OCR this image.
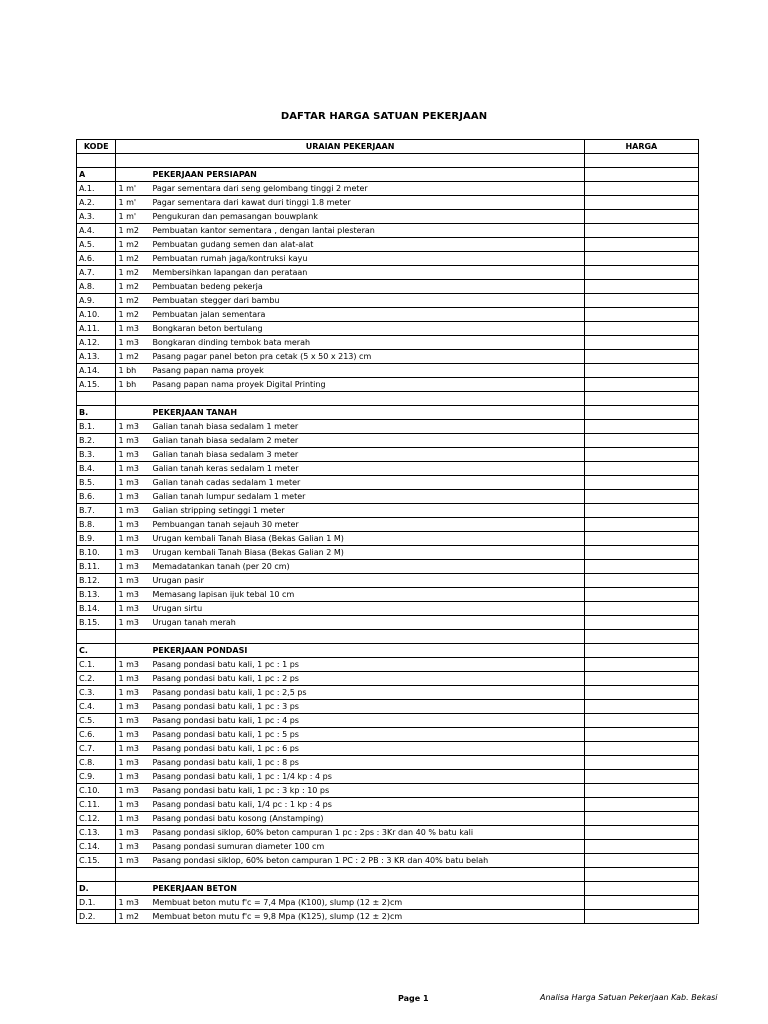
DAFTAR HARGA SATUAN PEKERJAAN
KODE	URAIAN PEKERJAAN	HARGA

A	PEKERJAAN PERSIAPAN	
A.1.	1 m' Pagar sementara dari seng gelombang tinggi 2 meter	
A.2.	1 m' Pagar sementara dari kawat duri tinggi 1.8 meter	
A.3.	1 m' Pengukuran dan pemasangan bouwplank	
A.4.	1 m2 Pembuatan kantor sementara , dengan lantai plesteran	
A.5.	1 m2 Pembuatan gudang semen dan alat-alat	
A.6.	1 m2 Pembuatan rumah jaga/kontruksi kayu	
A.7.	1 m2 Membersihkan lapangan dan perataan	
A.8.	1 m2 Pembuatan bedeng pekerja	
A.9.	1 m2 Pembuatan stegger dari bambu	
A.10.	1 m2 Pembuatan jalan sementara	
A.11.	1 m3 Bongkaran beton bertulang	
A.12.	1 m3 Bongkaran dinding tembok bata merah	
A.13.	1 m2 Pasang pagar panel beton pra cetak (5 x 50 x 213) cm	
A.14.	1 bh Pasang papan nama proyek	
A.15.	1 bh Pasang papan nama proyek Digital Printing	

B.	PEKERJAAN TANAH	
B.1.	1 m3 Galian tanah biasa sedalam 1 meter	
B.2.	1 m3 Galian tanah biasa sedalam 2 meter	
B.3.	1 m3 Galian tanah biasa sedalam 3 meter	
B.4.	1 m3 Galian tanah keras sedalam 1 meter	
B.5.	1 m3 Galian tanah cadas sedalam 1 meter	
B.6.	1 m3 Galian tanah lumpur sedalam 1 meter	
B.7.	1 m3 Galian stripping setinggi 1 meter	
B.8.	1 m3 Pembuangan tanah sejauh 30 meter	
B.9.	1 m3 Urugan kembali Tanah Biasa (Bekas Galian 1 M)	
B.10.	1 m3 Urugan kembali Tanah Biasa (Bekas Galian 2 M)	
B.11.	1 m3 Memadatankan tanah (per 20 cm)	
B.12.	1 m3 Urugan pasir	
B.13.	1 m3 Memasang lapisan ijuk tebal 10 cm	
B.14.	1 m3 Urugan sirtu	
B.15.	1 m3 Urugan tanah merah	

C.	PEKERJAAN PONDASI	
C.1.	1 m3 Pasang pondasi batu kali, 1 pc : 1 ps	
C.2.	1 m3 Pasang pondasi batu kali, 1 pc : 2 ps	
C.3.	1 m3 Pasang pondasi batu kali, 1 pc : 2,5 ps	
C.4.	1 m3 Pasang pondasi batu kali, 1 pc : 3 ps	
C.5.	1 m3 Pasang pondasi batu kali, 1 pc : 4 ps	
C.6.	1 m3 Pasang pondasi batu kali, 1 pc : 5 ps	
C.7.	1 m3 Pasang pondasi batu kali, 1 pc : 6 ps	
C.8.	1 m3 Pasang pondasi batu kali, 1 pc : 8 ps	
C.9.	1 m3 Pasang pondasi batu kali, 1 pc : 1/4 kp : 4 ps	
C.10.	1 m3 Pasang pondasi batu kali, 1 pc : 3 kp : 10 ps	
C.11.	1 m3 Pasang pondasi batu kali, 1/4 pc : 1 kp : 4 ps	
C.12.	1 m3 Pasang pondasi batu kosong (Anstamping)	
C.13.	1 m3 Pasang pondasi siklop, 60% beton campuran 1 pc : 2ps : 3Kr dan 40 % batu kali	
C.14.	1 m3 Pasang pondasi sumuran diameter 100 cm	
C.15.	1 m3 Pasang pondasi siklop, 60% beton campuran 1 PC : 2 PB : 3 KR dan 40% batu belah	

D.	PEKERJAAN BETON	
D.1.	1 m3 Membuat beton mutu f'c = 7,4 Mpa (K100), slump (12 ± 2)cm	
D.2.	1 m2 Membuat beton mutu f'c = 9,8 Mpa (K125), slump (12 ± 2)cm	
Page 1	Analisa Harga Satuan Pekerjaan Kab. Bekasi
